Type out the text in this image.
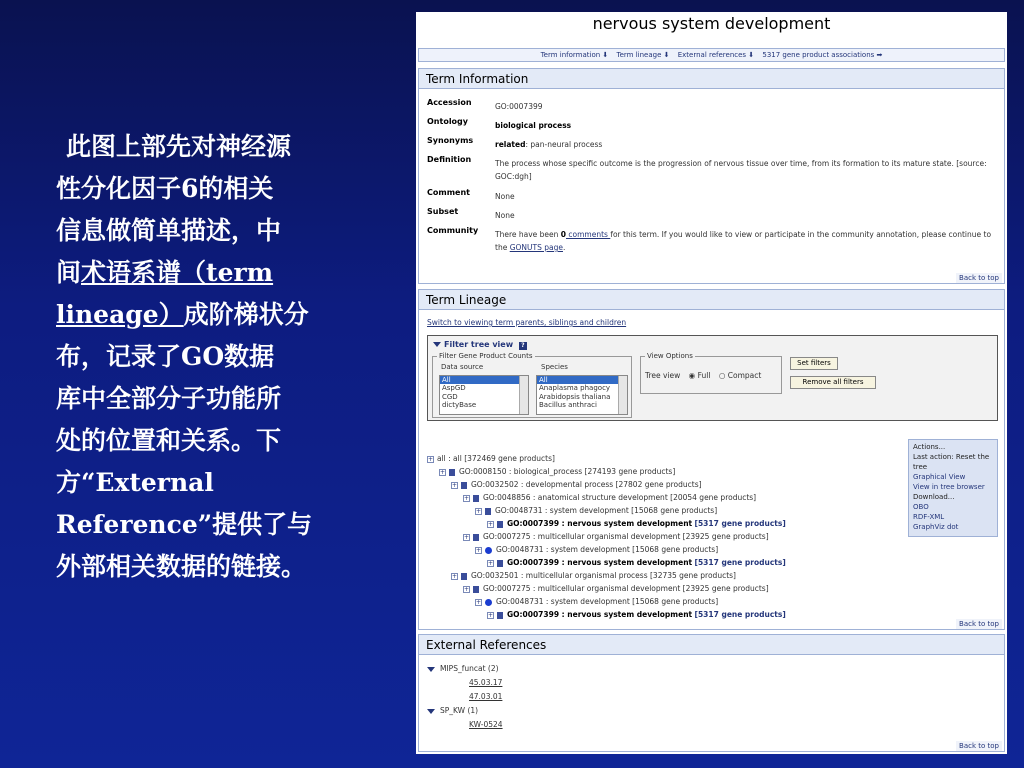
此图上部先对神经源
性分化因子6的相关
信息做简单描述，中
间术语系谱（term
lineage）成阶梯状分
布，记录了GO数据
库中全部分子功能所
处的位置和关系。下
方“External
Reference”提供了与
外部相关数据的链接。
nervous system development
Term information ⬇ Term lineage ⬇ External references ⬇ 5317 gene product associations ➡
Term Information
Accession	GO:0007399
Ontology	biological process
Synonyms	related: pan-neural process
Definition	The process whose specific outcome is the progression of nervous tissue over time, from its formation to its mature state. [source: GOC:dgh]
Comment	None
Subset	None
Community There have been 0 comments for this term. If you would like to view or participate in the community annotation, please continue to the GONUTS page.
Back to top
Term Lineage
Switch to viewing term parents, siblings and children
Filter tree view ?
Filter Gene Product Counts
Data source
All
AspGD
CGD
dictyBase
Species
All
Anaplasma phagocy
Arabidopsis thaliana
Bacillus anthraci
View Options
Tree view ◉ Full ○ Compact
Set filters
Remove all filters
+ all : all [372469 gene products]
+ GO:0008150 : biological_process [274193 gene products]
+ GO:0032502 : developmental process [27802 gene products]
+ GO:0048856 : anatomical structure development [20054 gene products]
+ GO:0048731 : system development [15068 gene products]
+ GO:0007399 : nervous system development [5317 gene products]
+ GO:0007275 : multicellular organismal development [23925 gene products]
+ GO:0048731 : system development [15068 gene products]
+ GO:0007399 : nervous system development [5317 gene products]
+ GO:0032501 : multicellular organismal process [32735 gene products]
+ GO:0007275 : multicellular organismal development [23925 gene products]
+ GO:0048731 : system development [15068 gene products]
+ GO:0007399 : nervous system development [5317 gene products]
Actions...
Last action: Reset the tree
Graphical View
View in tree browser
Download...
OBO
RDF-XML
GraphViz dot
Back to top
External References
MIPS_funcat (2)
45.03.17
47.03.01
SP_KW (1)
KW-0524
Back to top
